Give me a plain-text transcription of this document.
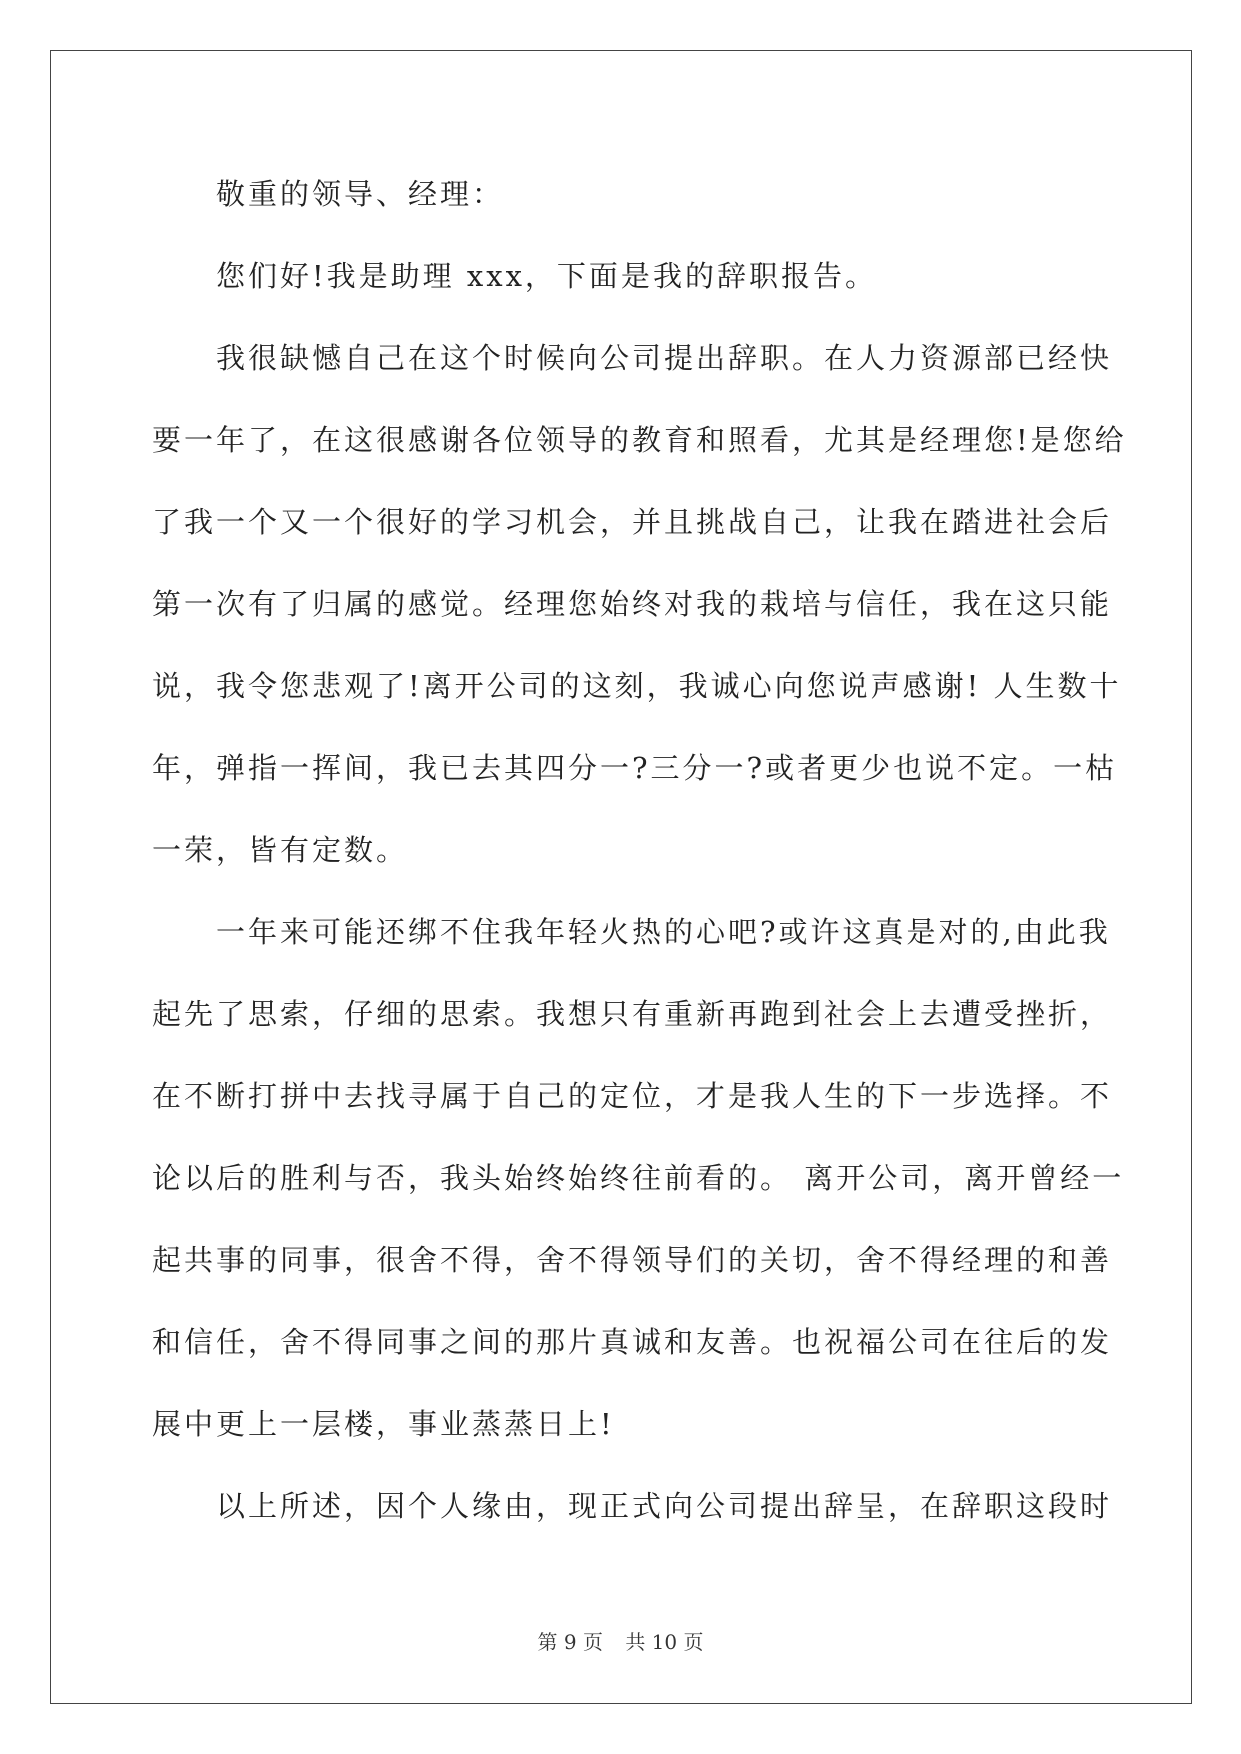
敬重的领导、经理：
您们好!我是助理 xxx，下面是我的辞职报告。
我很缺憾自己在这个时候向公司提出辞职。在人力资源部已经快
要一年了，在这很感谢各位领导的教育和照看，尤其是经理您!是您给
了我一个又一个很好的学习机会，并且挑战自己，让我在踏进社会后
第一次有了归属的感觉。经理您始终对我的栽培与信任，我在这只能
说，我令您悲观了!离开公司的这刻，我诚心向您说声感谢! 人生数十
年，弹指一挥间，我已去其四分一?三分一?或者更少也说不定。一枯
一荣，皆有定数。
一年来可能还绑不住我年轻火热的心吧?或许这真是对的,由此我
起先了思索，仔细的思索。我想只有重新再跑到社会上去遭受挫折，
在不断打拼中去找寻属于自己的定位，才是我人生的下一步选择。不
论以后的胜利与否，我头始终始终往前看的。 离开公司，离开曾经一
起共事的同事，很舍不得，舍不得领导们的关切，舍不得经理的和善
和信任，舍不得同事之间的那片真诚和友善。也祝福公司在往后的发
展中更上一层楼，事业蒸蒸日上!
以上所述，因个人缘由，现正式向公司提出辞呈，在辞职这段时
第 9 页 共 10 页
